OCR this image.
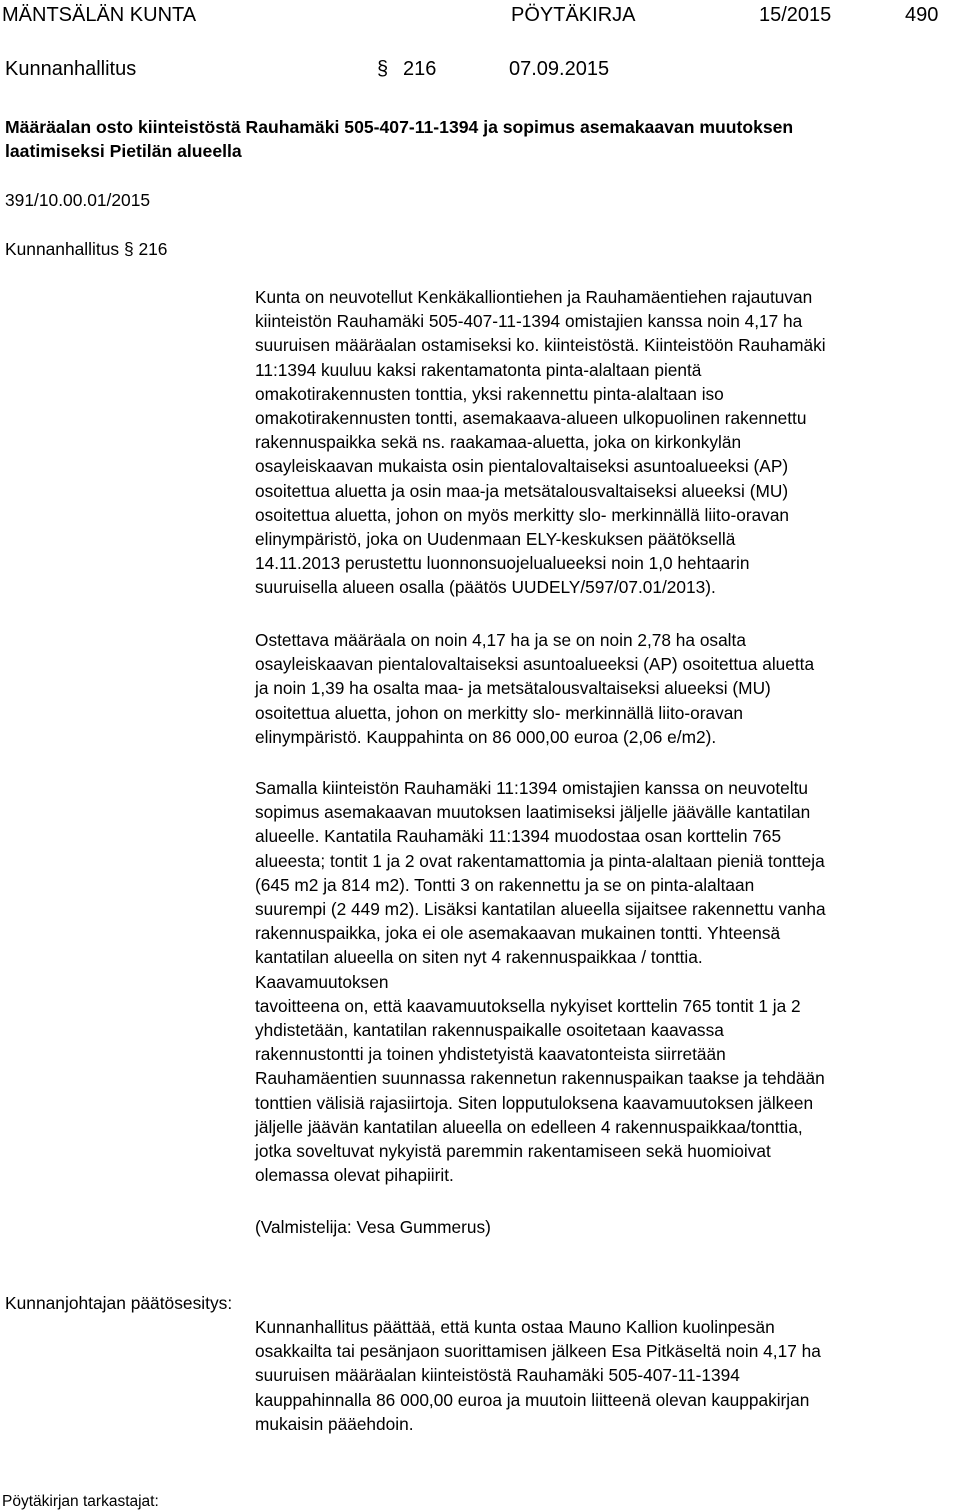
MÄNTSÄLÄN KUNTA	PÖYTÄKIRJA	15/2015	490
Kunnanhallitus	§ 216	07.09.2015
Määräalan osto kiinteistöstä Rauhamäki 505-407-11-1394 ja sopimus asemakaavan muutoksen
laatimiseksi Pietilän alueella
391/10.00.01/2015
Kunnanhallitus § 216
Kunta on neuvotellut Kenkäkalliontiehen ja Rauhamäentiehen rajautuvan
kiinteistön Rauhamäki 505-407-11-1394 omistajien kanssa noin 4,17 ha
suuruisen määräalan ostamiseksi ko. kiinteistöstä. Kiinteistöön Rauhamäki
11:1394 kuuluu kaksi rakentamatonta pinta-alaltaan pientä
omakotirakennusten tonttia, yksi rakennettu pinta-alaltaan iso
omakotirakennusten tontti, asemakaava-alueen ulkopuolinen rakennettu
rakennuspaikka sekä ns. raakamaa-aluetta, joka on kirkonkylän
osayleiskaavan mukaista osin pientalovaltaiseksi asuntoalueeksi (AP)
osoitettua aluetta ja osin maa-ja metsätalousvaltaiseksi alueeksi (MU)
osoitettua aluetta, johon on myös merkitty slo- merkinnällä liito-oravan
elinympäristö, joka on Uudenmaan ELY-keskuksen päätöksellä
14.11.2013 perustettu luonnonsuojelualueeksi noin 1,0 hehtaarin
suuruisella alueen osalla (päätös UUDELY/597/07.01/2013).
Ostettava määräala on noin 4,17 ha ja se on noin 2,78 ha osalta
osayleiskaavan pientalovaltaiseksi asuntoalueeksi (AP) osoitettua aluetta
ja noin 1,39 ha osalta maa- ja metsätalousvaltaiseksi alueeksi (MU)
osoitettua aluetta, johon on merkitty slo- merkinnällä liito-oravan
elinympäristö. Kauppahinta on 86 000,00 euroa (2,06 e/m2).
Samalla kiinteistön Rauhamäki 11:1394 omistajien kanssa on neuvoteltu
sopimus asemakaavan muutoksen laatimiseksi jäljelle jäävälle kantatilan
alueelle. Kantatila Rauhamäki 11:1394 muodostaa osan korttelin 765
alueesta; tontit 1 ja 2 ovat rakentamattomia ja pinta-alaltaan pieniä tontteja
(645 m2 ja 814 m2). Tontti 3 on rakennettu ja se on pinta-alaltaan
suurempi (2 449 m2). Lisäksi kantatilan alueella sijaitsee rakennettu vanha
rakennuspaikka, joka ei ole asemakaavan mukainen tontti. Yhteensä
kantatilan alueella on siten nyt 4 rakennuspaikkaa / tonttia.
Kaavamuutoksen
tavoitteena on, että kaavamuutoksella nykyiset korttelin 765 tontit 1 ja 2
yhdistetään, kantatilan rakennuspaikalle osoitetaan kaavassa
rakennustontti ja toinen yhdistetyistä kaavatonteista siirretään
Rauhamäentien suunnassa rakennetun rakennuspaikan taakse ja tehdään
tonttien välisiä rajasiirtoja. Siten lopputuloksena kaavamuutoksen jälkeen
jäljelle jäävän kantatilan alueella on edelleen 4 rakennuspaikkaa/tonttia,
jotka soveltuvat nykyistä paremmin rakentamiseen sekä huomioivat
olemassa olevat pihapiirit.
(Valmistelija: Vesa Gummerus)
Kunnanjohtajan päätösesitys:
Kunnanhallitus päättää, että kunta ostaa Mauno Kallion kuolinpesän
osakkailta tai pesänjaon suorittamisen jälkeen Esa Pitkäseltä noin 4,17 ha
suuruisen määräalan kiinteistöstä Rauhamäki 505-407-11-1394
kauppahinnalla 86 000,00 euroa ja muutoin liitteenä olevan kauppakirjan
mukaisin pääehdoin.
Pöytäkirjan tarkastajat:
